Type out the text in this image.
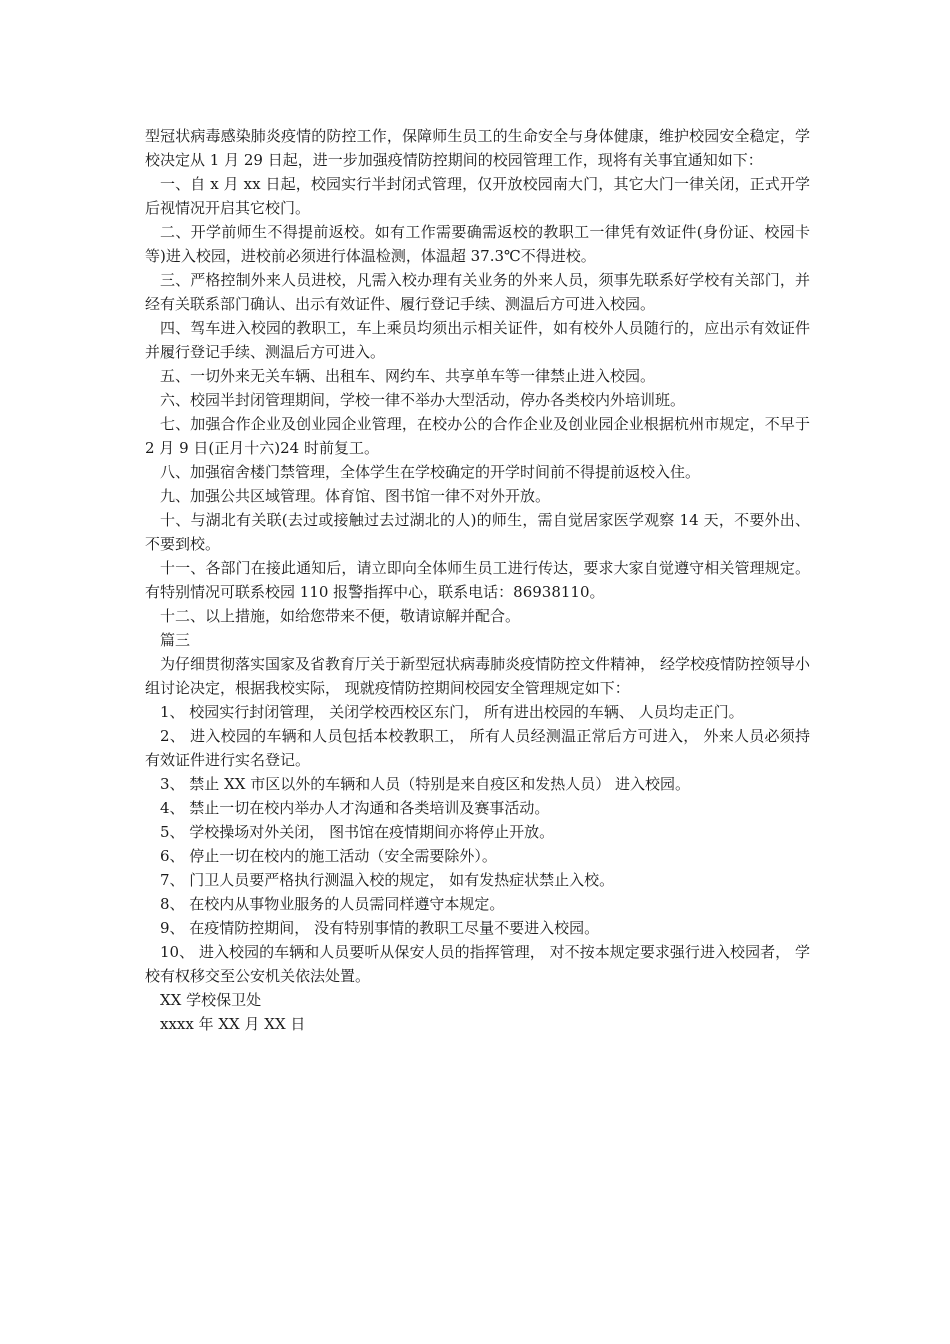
型冠状病毒感染肺炎疫情的防控工作，保障师生员工的生命安全与身体健康，维护校园安全稳定，学校决定从 1 月 29 日起，进一步加强疫情防控期间的校园管理工作，现将有关事宜通知如下：

一、自 x 月 xx 日起，校园实行半封闭式管理，仅开放校园南大门，其它大门一律关闭，正式开学后视情况开启其它校门。

二、开学前师生不得提前返校。如有工作需要确需返校的教职工一律凭有效证件(身份证、校园卡等)进入校园，进校前必须进行体温检测，体温超 37.3℃不得进校。

三、严格控制外来人员进校，凡需入校办理有关业务的外来人员，须事先联系好学校有关部门，并经有关联系部门确认、出示有效证件、履行登记手续、测温后方可进入校园。

四、驾车进入校园的教职工，车上乘员均须出示相关证件，如有校外人员随行的，应出示有效证件并履行登记手续、测温后方可进入。

五、一切外来无关车辆、出租车、网约车、共享单车等一律禁止进入校园。

六、校园半封闭管理期间，学校一律不举办大型活动，停办各类校内外培训班。

七、加强合作企业及创业园企业管理，在校办公的合作企业及创业园企业根据杭州市规定，不早于 2 月 9 日(正月十六)24 时前复工。

八、加强宿舍楼门禁管理，全体学生在学校确定的开学时间前不得提前返校入住。

九、加强公共区域管理。体育馆、图书馆一律不对外开放。

十、与湖北有关联(去过或接触过去过湖北的人)的师生，需自觉居家医学观察 14 天，不要外出、不要到校。

十一、各部门在接此通知后，请立即向全体师生员工进行传达，要求大家自觉遵守相关管理规定。有特别情况可联系校园 110 报警指挥中心，联系电话：86938110。

十二、以上措施，如给您带来不便，敬请谅解并配合。

篇三

为仔细贯彻落实国家及省教育厅关于新型冠状病毒肺炎疫情防控文件精神， 经学校疫情防控领导小组讨论决定，根据我校实际， 现就疫情防控期间校园安全管理规定如下：

1、 校园实行封闭管理， 关闭学校西校区东门， 所有进出校园的车辆、 人员均走正门。

2、 进入校园的车辆和人员包括本校教职工， 所有人员经测温正常后方可进入， 外来人员必须持有效证件进行实名登记。

3、 禁止 XX 市区以外的车辆和人员（特别是来自疫区和发热人员） 进入校园。

4、 禁止一切在校内举办人才沟通和各类培训及赛事活动。

5、 学校操场对外关闭， 图书馆在疫情期间亦将停止开放。

6、 停止一切在校内的施工活动（安全需要除外）。

7、 门卫人员要严格执行测温入校的规定， 如有发热症状禁止入校。

8、 在校内从事物业服务的人员需同样遵守本规定。

9、 在疫情防控期间， 没有特别事情的教职工尽量不要进入校园。

10、 进入校园的车辆和人员要听从保安人员的指挥管理， 对不按本规定要求强行进入校园者， 学校有权移交至公安机关依法处置。

XX 学校保卫处

xxxx 年 XX 月 XX 日
